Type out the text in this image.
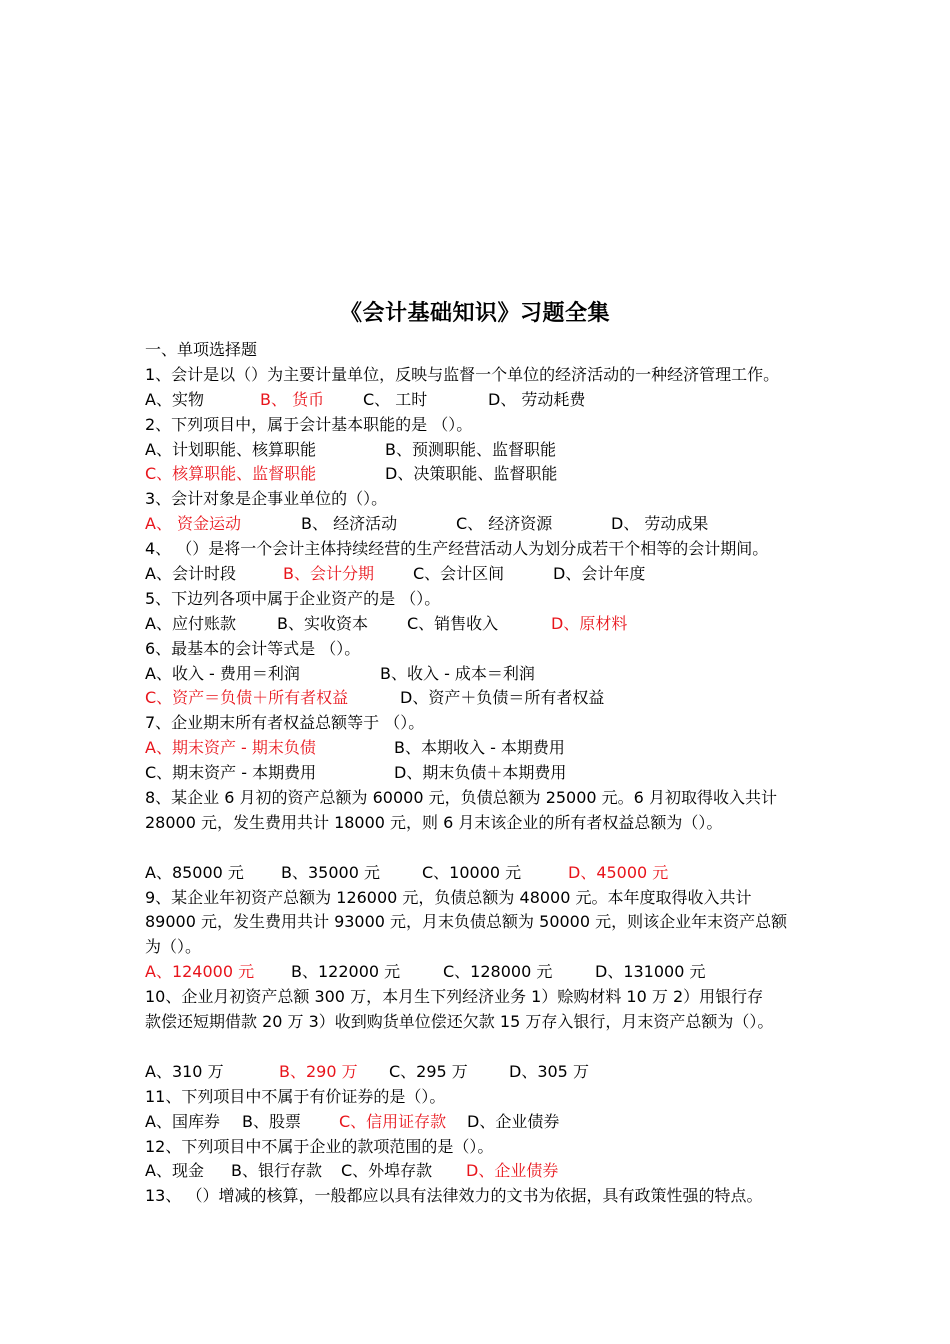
《会计基础知识》习题全集
一、单项选择题
1、会计是以（）为主要计量单位，反映与监督一个单位的经济活动的一种经济管理工作。
A、实物	B、 货币 C、 工时	D、 劳动耗费
2、下列项目中，属于会计基本职能的是 （）。
A、计划职能、核算职能	B、预测职能、监督职能
C、核算职能、监督职能	D、决策职能、监督职能
3、会计对象是企事业单位的（）。
A、 资金运动	B、 经济活动	C、 经济资源	D、 劳动成果
4、 （）是将一个会计主体持续经营的生产经营活动人为划分成若干个相等的会计期间。
A、会计时段	B、会计分期 C、会计区间	D、会计年度
5、下边列各项中属于企业资产的是 （）。
A、应付账款	B、实收资本 C、销售收入	D、原材料
6、最基本的会计等式是 （）。
A、收入 - 费用＝利润	B、收入 - 成本＝利润
C、资产＝负债＋所有者权益	D、资产＋负债＝所有者权益
7、企业期末所有者权益总额等于 （）。
A、期末资产 - 期末负债	B、本期收入 - 本期费用
C、期末资产 - 本期费用	D、期末负债＋本期费用
8、某企业 6 月初的资产总额为 60000 元，负债总额为 25000 元。6 月初取得收入共计
28000 元，发生费用共计 18000 元，则 6 月末该企业的所有者权益总额为（）。
A、85000 元 B、35000 元	C、10000 元	D、45000 元
9、某企业年初资产总额为 126000 元，负债总额为 48000 元。本年度取得收入共计
89000 元，发生费用共计 93000 元，月末负债总额为 50000 元，则该企业年末资产总额
为（）。
A、124000 元 B、122000 元	C、128000 元	D、131000 元
10、企业月初资产总额 300 万，本月生下列经济业务 1）赊购材料 10 万 2）用银行存
款偿还短期借款 20 万 3）收到购货单位偿还欠款 15 万存入银行，月末资产总额为（）。
A、310 万	B、290 万 C、295 万	D、305 万
11、下列项目中不属于有价证券的是（）。
A、国库券 B、股票 C、信用证存款 D、企业债券
12、下列项目中不属于企业的款项范围的是（）。
A、现金 B、银行存款 C、外埠存款 D、企业债券
13、 （）增减的核算，一般都应以具有法律效力的文书为依据，具有政策性强的特点。
